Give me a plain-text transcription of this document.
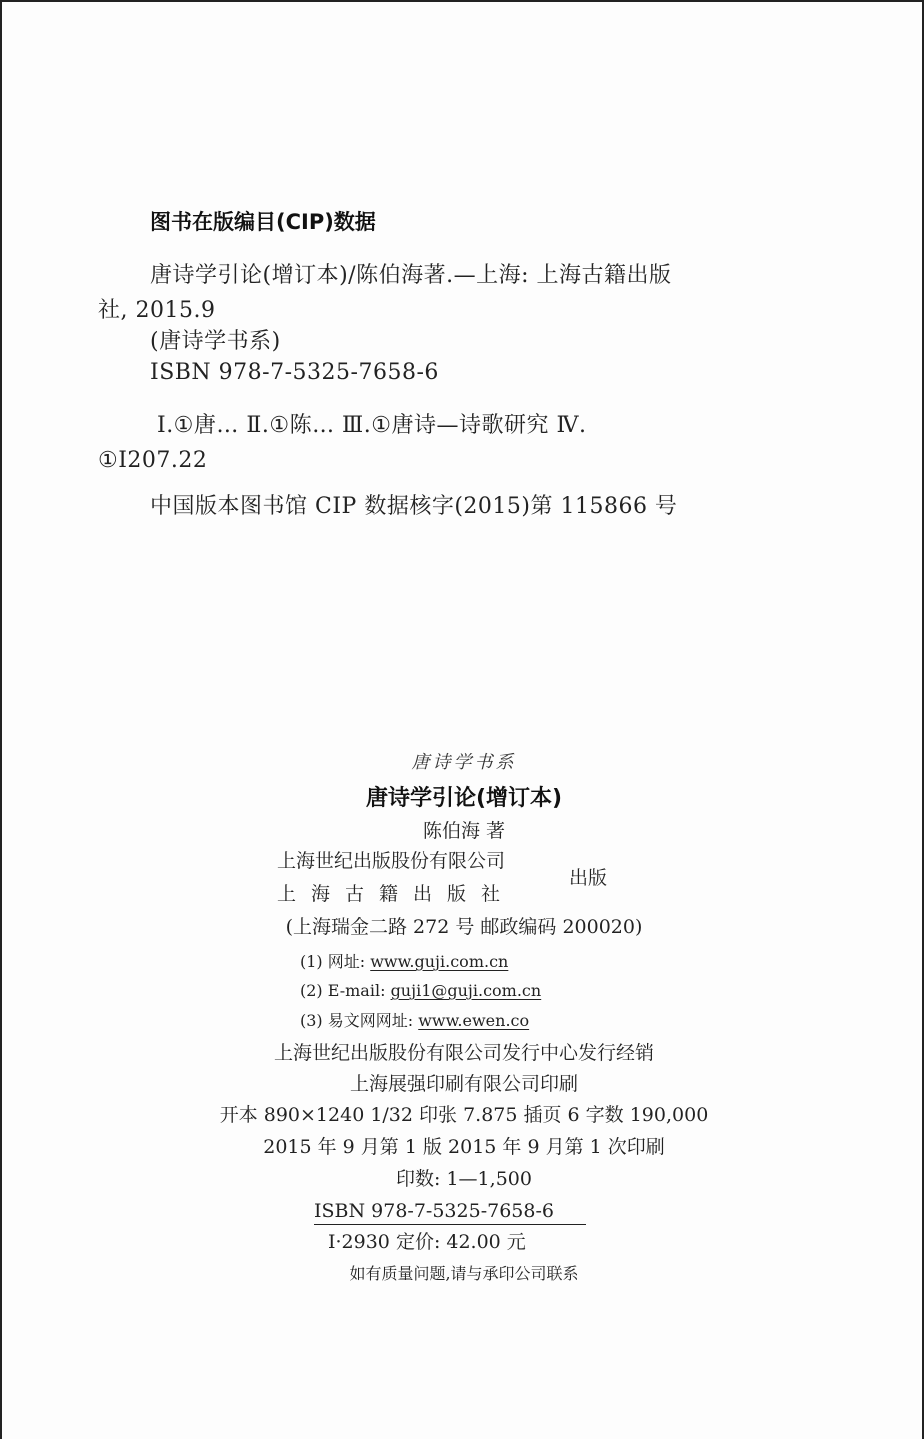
图书在版编目(CIP)数据
唐诗学引论(增订本)/陈伯海著.—上海: 上海古籍出版
社, 2015.9
(唐诗学书系)
ISBN 978-7-5325-7658-6
Ⅰ.①唐… Ⅱ.①陈… Ⅲ.①唐诗—诗歌研究 Ⅳ.
①I207.22
中国版本图书馆 CIP 数据核字(2015)第 115866 号
唐诗学书系
唐诗学引论(增订本)
陈伯海 著
上海世纪出版股份有限公司
上海古籍出版社
出版
(上海瑞金二路 272 号 邮政编码 200020)
(1) 网址: www.guji.com.cn
(2) E-mail: guji1@guji.com.cn
(3) 易文网网址: www.ewen.co
上海世纪出版股份有限公司发行中心发行经销
上海展强印刷有限公司印刷
开本 890×1240 1/32 印张 7.875 插页 6 字数 190,000
2015 年 9 月第 1 版 2015 年 9 月第 1 次印刷
印数: 1—1,500
ISBN 978-7-5325-7658-6
I·2930 定价: 42.00 元
如有质量问题,请与承印公司联系
